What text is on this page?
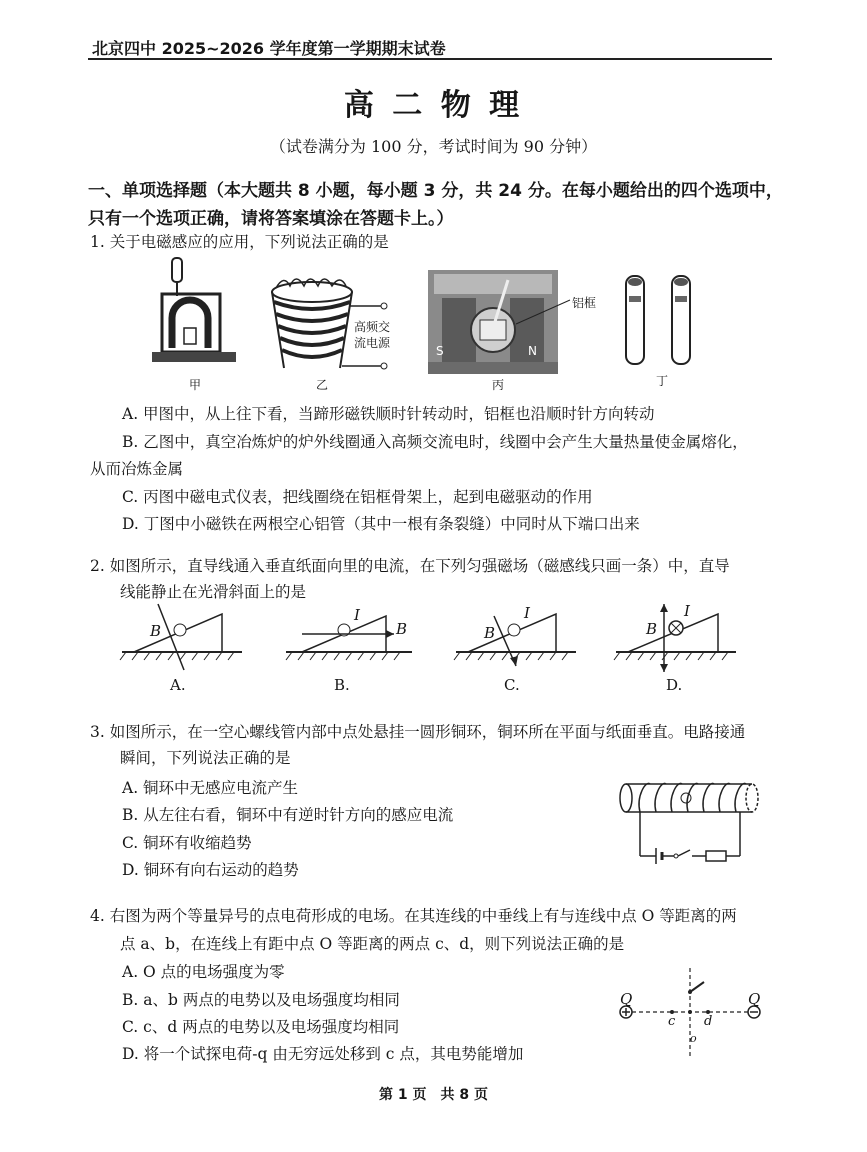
北京四中 2025~2026 学年度第一学期期末试卷
高 二 物 理
（试卷满分为 100 分，考试时间为 90 分钟）
一、单项选择题（本大题共 8 小题，每小题 3 分，共 24 分。在每小题给出的四个选项中，
只有一个选项正确，请将答案填涂在答题卡上。）
1. 关于电磁感应的应用，下列说法正确的是
甲
高频交
流电源
乙
S	N
铝框
丙	丁
A. 甲图中，从上往下看，当蹄形磁铁顺时针转动时，铝框也沿顺时针方向转动
B. 乙图中，真空冶炼炉的炉外线圈通入高频交流电时，线圈中会产生大量热量使金属熔化，
从而冶炼金属
C. 丙图中磁电式仪表，把线圈绕在铝框骨架上，起到电磁驱动的作用
D. 丁图中小磁铁在两根空心铝管（其中一根有条裂缝）中同时从下端口出来
2. 如图所示，直导线通入垂直纸面向里的电流，在下列匀强磁场（磁感线只画一条）中，直导
线能静止在光滑斜面上的是
B
A.
I
B
B.
I
B
C.
I
B
D.
3. 如图所示，在一空心螺线管内部中点处悬挂一圆形铜环，铜环所在平面与纸面垂直。电路接通
瞬间，下列说法正确的是
A. 铜环中无感应电流产生
B. 从左往右看，铜环中有逆时针方向的感应电流
C. 铜环有收缩趋势
D. 铜环有向右运动的趋势
4. 右图为两个等量异号的点电荷形成的电场。在其连线的中垂线上有与连线中点 O 等距离的两
点 a、b，在连线上有距中点 O 等距离的两点 c、d，则下列说法正确的是
A. O 点的电场强度为零
B. a、b 两点的电势以及电场强度均相同
C. c、d 两点的电势以及电场强度均相同
D. 将一个试探电荷-q 由无穷远处移到 c 点，其电势能增加
Q	Q
c d
o
第 1 页　共 8 页
